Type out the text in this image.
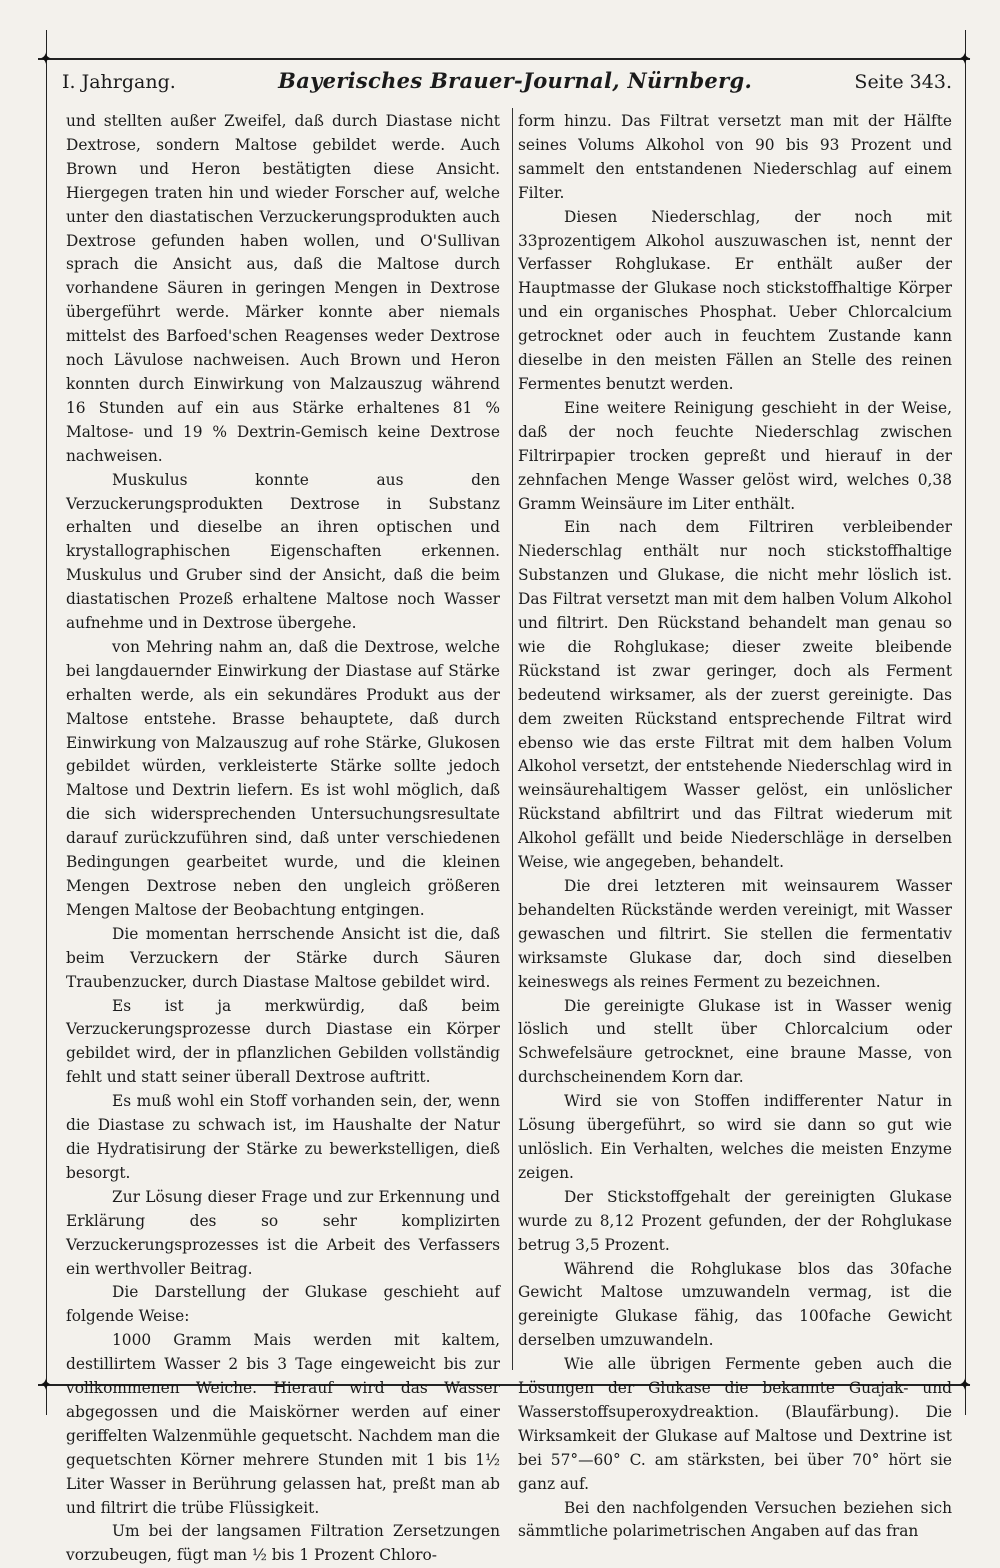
✦	✦
✦	✦
I. Jahrgang.	Bayerisches Brauer-Journal, Nürnberg.	Seite 343.

und stellten außer Zweifel, daß durch Diastase nicht Dextrose, sondern Maltose gebildet werde. Auch Brown und Heron bestätigten diese Ansicht. Hiergegen traten hin und wieder Forscher auf, welche unter den diastatischen Verzuckerungsprodukten auch Dextrose gefunden haben wollen, und O'Sullivan sprach die Ansicht aus, daß die Maltose durch vorhandene Säuren in geringen Mengen in Dextrose übergeführt werde. Märker konnte aber niemals mittelst des Barfoed'schen Reagenses weder Dextrose noch Lävulose nachweisen. Auch Brown und Heron konnten durch Einwirkung von Malzauszug während 16 Stunden auf ein aus Stärke erhaltenes 81 % Maltose- und 19 % Dextrin-Gemisch keine Dextrose nachweisen.

Muskulus konnte aus den Verzuckerungsprodukten Dextrose in Substanz erhalten und dieselbe an ihren optischen und krystallographischen Eigenschaften erkennen. Muskulus und Gruber sind der Ansicht, daß die beim diastatischen Prozeß erhaltene Maltose noch Wasser aufnehme und in Dextrose übergehe.

von Mehring nahm an, daß die Dextrose, welche bei langdauernder Einwirkung der Diastase auf Stärke erhalten werde, als ein sekundäres Produkt aus der Maltose entstehe. Brasse behauptete, daß durch Einwirkung von Malzauszug auf rohe Stärke, Glukosen gebildet würden, verkleisterte Stärke sollte jedoch Maltose und Dextrin liefern. Es ist wohl möglich, daß die sich widersprechenden Untersuchungsresultate darauf zurückzuführen sind, daß unter verschiedenen Bedingungen gearbeitet wurde, und die kleinen Mengen Dextrose neben den ungleich größeren Mengen Maltose der Beobachtung entgingen.

Die momentan herrschende Ansicht ist die, daß beim Verzuckern der Stärke durch Säuren Traubenzucker, durch Diastase Maltose gebildet wird.

Es ist ja merkwürdig, daß beim Verzuckerungsprozesse durch Diastase ein Körper gebildet wird, der in pflanzlichen Gebilden vollständig fehlt und statt seiner überall Dextrose auftritt.

Es muß wohl ein Stoff vorhanden sein, der, wenn die Diastase zu schwach ist, im Haushalte der Natur die Hydratisirung der Stärke zu bewerkstelligen, dieß besorgt.

Zur Lösung dieser Frage und zur Erkennung und Erklärung des so sehr komplizirten Verzuckerungsprozesses ist die Arbeit des Verfassers ein werthvoller Beitrag.

Die Darstellung der Glukase geschieht auf folgende Weise:

1000 Gramm Mais werden mit kaltem, destillirtem Wasser 2 bis 3 Tage eingeweicht bis zur vollkommenen Weiche. Hierauf wird das Wasser abgegossen und die Maiskörner werden auf einer geriffelten Walzenmühle gequetscht. Nachdem man die gequetschten Körner mehrere Stunden mit 1 bis 1½ Liter Wasser in Berührung gelassen hat, preßt man ab und filtrirt die trübe Flüssigkeit.

Um bei der langsamen Filtration Zersetzungen vorzubeugen, fügt man ½ bis 1 Prozent Chloro-

form hinzu. Das Filtrat versetzt man mit der Hälfte seines Volums Alkohol von 90 bis 93 Prozent und sammelt den entstandenen Niederschlag auf einem Filter.

Diesen Niederschlag, der noch mit 33prozentigem Alkohol auszuwaschen ist, nennt der Verfasser Rohglukase. Er enthält außer der Hauptmasse der Glukase noch stickstoffhaltige Körper und ein organisches Phosphat. Ueber Chlorcalcium getrocknet oder auch in feuchtem Zustande kann dieselbe in den meisten Fällen an Stelle des reinen Fermentes benutzt werden.

Eine weitere Reinigung geschieht in der Weise, daß der noch feuchte Niederschlag zwischen Filtrirpapier trocken gepreßt und hierauf in der zehnfachen Menge Wasser gelöst wird, welches 0,38 Gramm Weinsäure im Liter enthält.

Ein nach dem Filtriren verbleibender Niederschlag enthält nur noch stickstoffhaltige Substanzen und Glukase, die nicht mehr löslich ist. Das Filtrat versetzt man mit dem halben Volum Alkohol und filtrirt. Den Rückstand behandelt man genau so wie die Rohglukase; dieser zweite bleibende Rückstand ist zwar geringer, doch als Ferment bedeutend wirksamer, als der zuerst gereinigte. Das dem zweiten Rückstand entsprechende Filtrat wird ebenso wie das erste Filtrat mit dem halben Volum Alkohol versetzt, der entstehende Niederschlag wird in weinsäurehaltigem Wasser gelöst, ein unlöslicher Rückstand abfiltrirt und das Filtrat wiederum mit Alkohol gefällt und beide Niederschläge in derselben Weise, wie angegeben, behandelt.

Die drei letzteren mit weinsaurem Wasser behandelten Rückstände werden vereinigt, mit Wasser gewaschen und filtrirt. Sie stellen die fermentativ wirksamste Glukase dar, doch sind dieselben keineswegs als reines Ferment zu bezeichnen.

Die gereinigte Glukase ist in Wasser wenig löslich und stellt über Chlorcalcium oder Schwefelsäure getrocknet, eine braune Masse, von durchscheinendem Korn dar.

Wird sie von Stoffen indifferenter Natur in Lösung übergeführt, so wird sie dann so gut wie unlöslich. Ein Verhalten, welches die meisten Enzyme zeigen.

Der Stickstoffgehalt der gereinigten Glukase wurde zu 8,12 Prozent gefunden, der der Rohglukase betrug 3,5 Prozent.

Während die Rohglukase blos das 30fache Gewicht Maltose umzuwandeln vermag, ist die gereinigte Glukase fähig, das 100fache Gewicht derselben umzuwandeln.

Wie alle übrigen Fermente geben auch die Lösungen der Glukase die bekannte Guajak- und Wasserstoffsuperoxydreaktion. (Blaufärbung). Die Wirksamkeit der Glukase auf Maltose und Dextrine ist bei 57°—60° C. am stärksten, bei über 70° hört sie ganz auf.

Bei den nachfolgenden Versuchen beziehen sich sämmtliche polarimetrischen Angaben auf das fran
